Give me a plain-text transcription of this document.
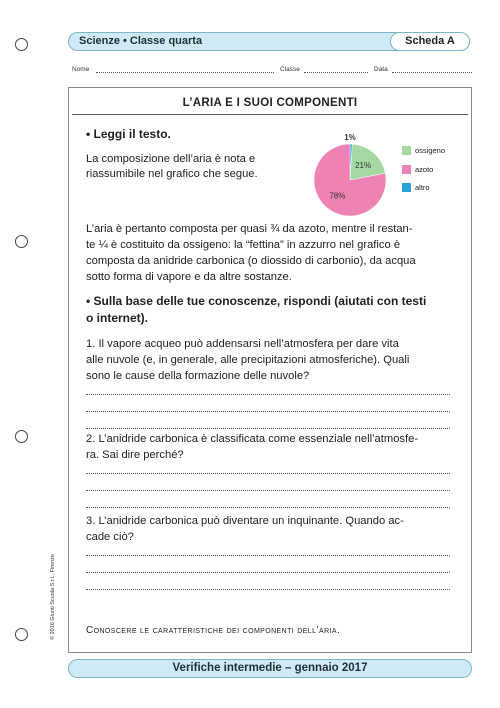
Scienze • Classe quarta	Scheda A
Nome	Classe	Data
L’ARIA E I SUOI COMPONENTI
• Leggi il testo.
La composizione dell’aria è nota e
riassumibile nel grafico che segue.
1%
21%
78%
ossigeno
azoto
altro
L’aria è pertanto composta per quasi ¾ da azoto, mentre il restan-
te ¼ è costituito da ossigeno: la “fettina” in azzurro nel grafico è
composta da anidride carbonica (o diossido di carbonio), da acqua
sotto forma di vapore e da altre sostanze.
• Sulla base delle tue conoscenze, rispondi (aiutati con testi
o internet).
1. Il vapore acqueo può addensarsi nell’atmosfera per dare vita
alle nuvole (e, in generale, alle precipitazioni atmosferiche). Quali
sono le cause della formazione delle nuvole?
2. L’anidride carbonica è classificata come essenziale nell’atmosfe-
ra. Sai dire perché?
3. L’anidride carbonica può diventare un inquinante. Quando ac-
cade ciò?
Conoscere le caratteristiche dei componenti dell’aria.
© 2016 Giunti Scuola S.r.l., Firenze
Verifiche intermedie – gennaio 2017
